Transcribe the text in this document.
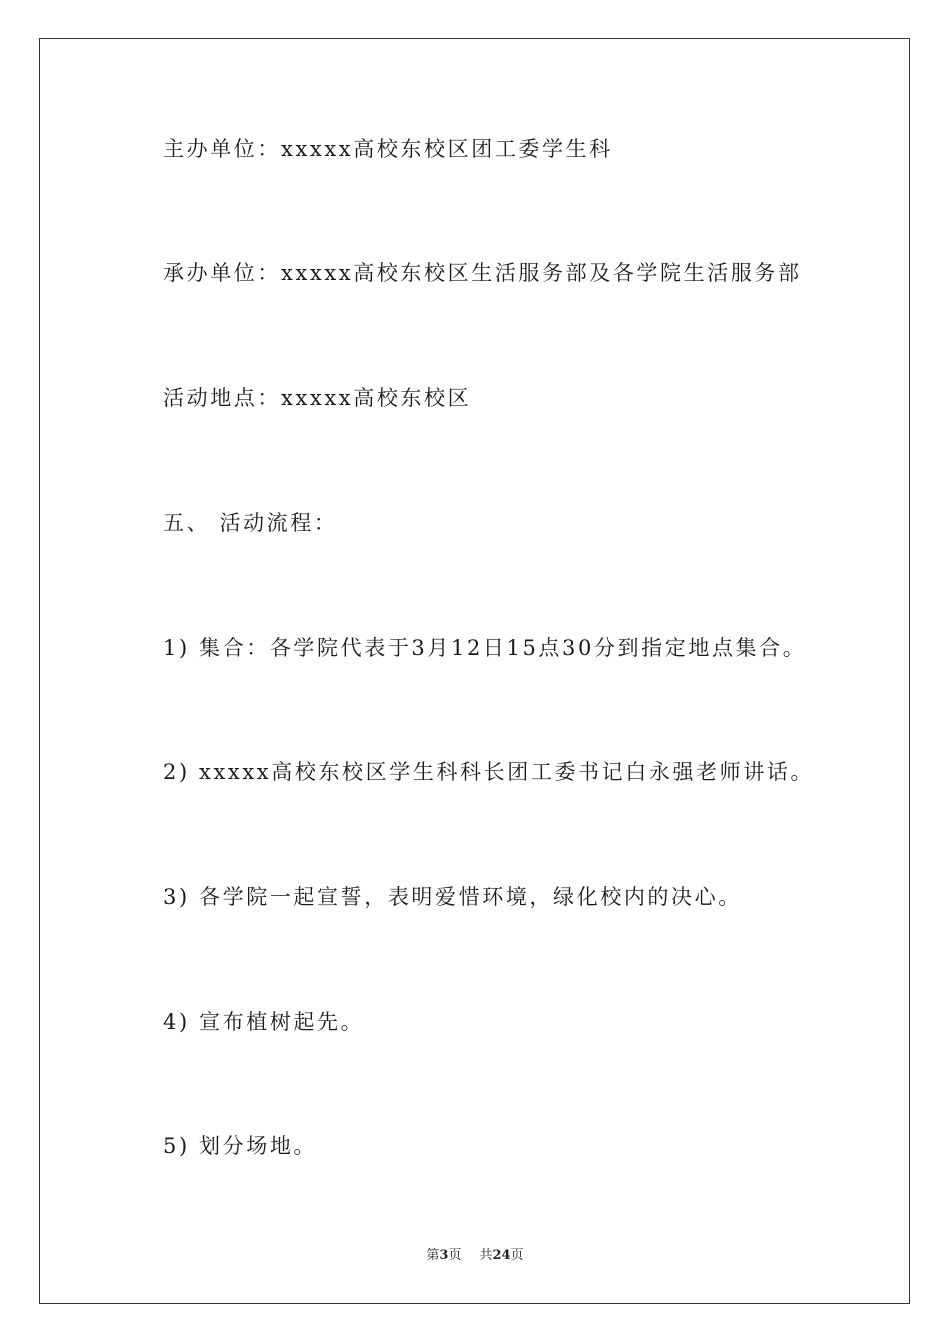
主办单位：xxxxx高校东校区团工委学生科
承办单位：xxxxx高校东校区生活服务部及各学院生活服务部
活动地点：xxxxx高校东校区
五、 活动流程：
1) 集合：各学院代表于3月12日15点30分到指定地点集合。
2) xxxxx高校东校区学生科科长团工委书记白永强老师讲话。
3) 各学院一起宣誓，表明爱惜环境，绿化校内的决心。
4) 宣布植树起先。
5) 划分场地。
第3页 共24页
